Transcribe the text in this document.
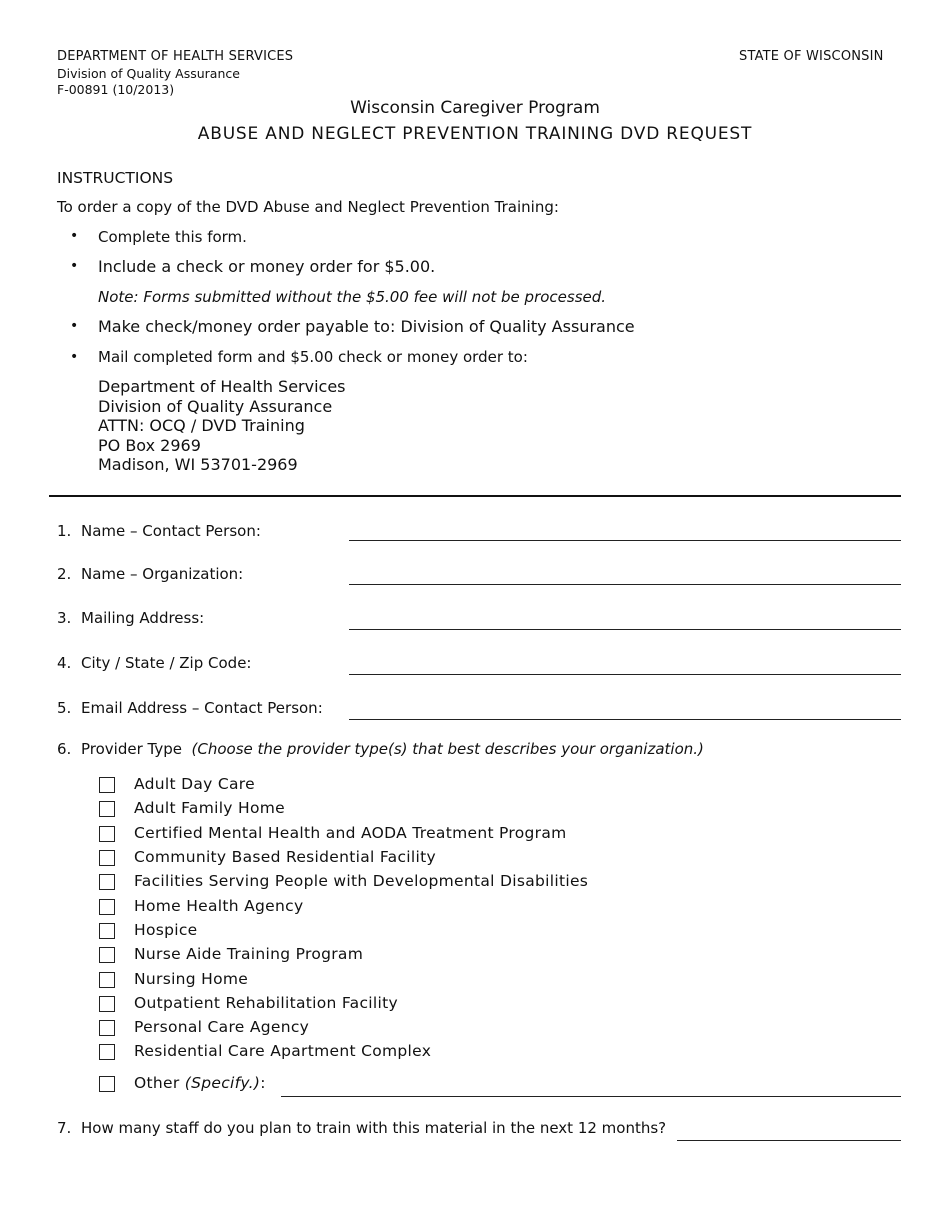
DEPARTMENT OF HEALTH SERVICES
Division of Quality Assurance
F-00891 (10/2013)
STATE OF WISCONSIN
Wisconsin Caregiver Program
ABUSE AND NEGLECT PREVENTION TRAINING DVD REQUEST
INSTRUCTIONS
To order a copy of the DVD Abuse and Neglect Prevention Training:
• Complete this form.
• Include a check or money order for $5.00.
Note: Forms submitted without the $5.00 fee will not be processed.
• Make check/money order payable to: Division of Quality Assurance
• Mail completed form and $5.00 check or money order to:
Department of Health Services
Division of Quality Assurance
ATTN: OCQ / DVD Training
PO Box 2969
Madison, WI 53701-2969
1. Name – Contact Person:
2. Name – Organization:
3. Mailing Address:
4. City / State / Zip Code:
5. Email Address – Contact Person:
6. Provider Type (Choose the provider type(s) that best describes your organization.)
Adult Day Care
Adult Family Home
Certified Mental Health and AODA Treatment Program
Community Based Residential Facility
Facilities Serving People with Developmental Disabilities
Home Health Agency
Hospice
Nurse Aide Training Program
Nursing Home
Outpatient Rehabilitation Facility
Personal Care Agency
Residential Care Apartment Complex
Other (Specify.):
7. How many staff do you plan to train with this material in the next 12 months?
